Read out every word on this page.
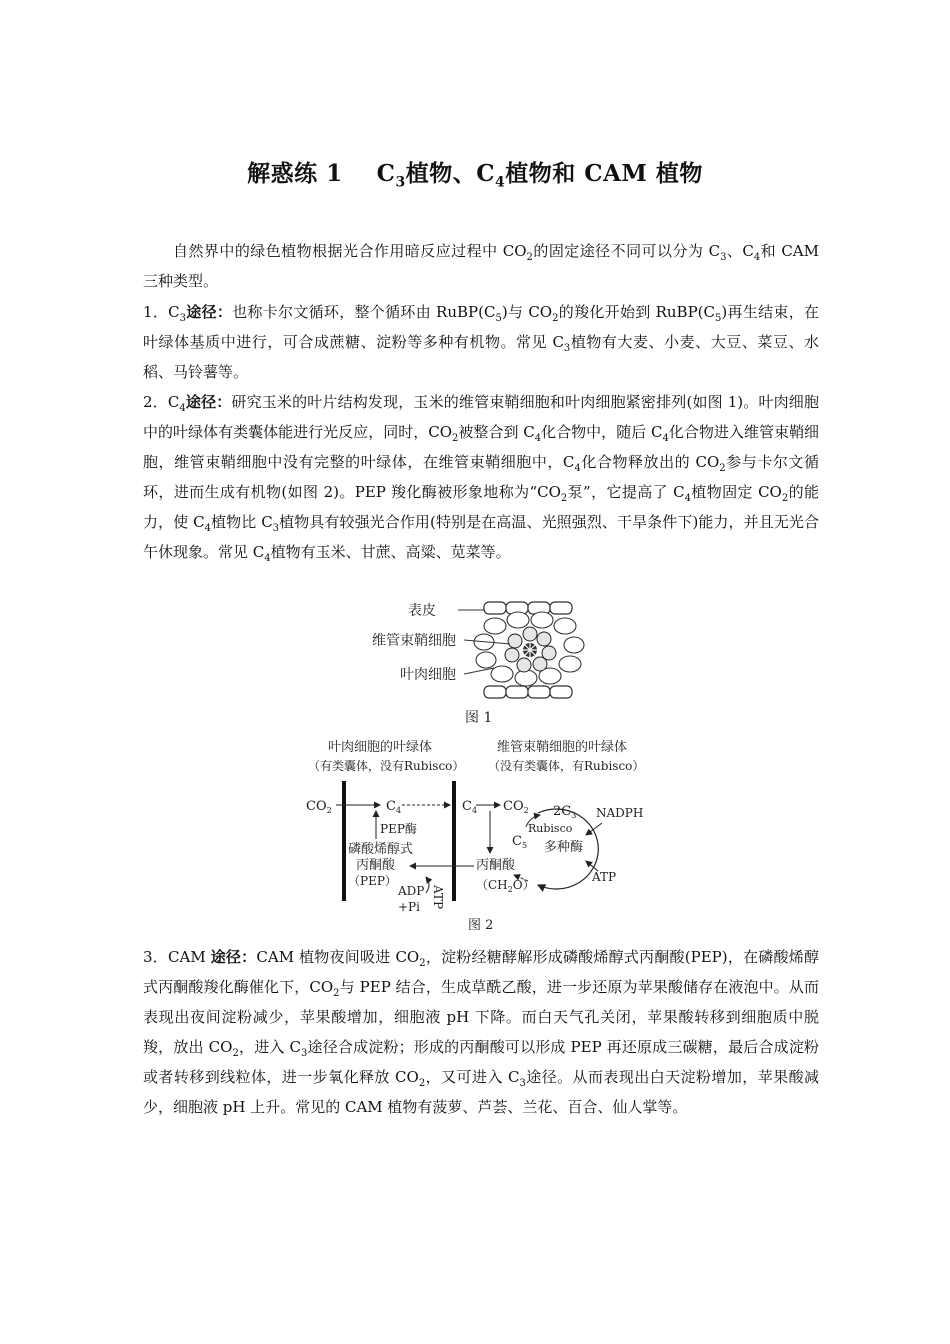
解惑练 1 $C_3$植物、$C_4$植物和 CAM 植物
自然界中的绿色植物根据光合作用暗反应过程中 $CO_2$的固定途径不同可以分为 $C_3$、$C_4$和 CAM 三种类型。
1．$C_3$途径：也称卡尔文循环，整个循环由 $RuBP(C_5)$与 $CO_2$的羧化开始到 $RuBP(C_5)$再生结束，在叶绿体基质中进行，可合成蔗糖、淀粉等多种有机物。常见 $C_3$植物有大麦、小麦、大豆、菜豆、水稻、马铃薯等。
2．$C_4$途径：研究玉米的叶片结构发现，玉米的维管束鞘细胞和叶肉细胞紧密排列(如图 1)。叶肉细胞中的叶绿体有类囊体能进行光反应，同时，$CO_2$被整合到 $C_4$化合物中，随后 $C_4$化合物进入维管束鞘细胞，维管束鞘细胞中没有完整的叶绿体，在维管束鞘细胞中，$C_4$化合物释放出的 $CO_2$参与卡尔文循环，进而生成有机物(如图 2)。PEP 羧化酶被形象地称为“$CO_2$泵”，它提高了 $C_4$植物固定 $CO_2$的能力，使 $C_4$植物比 $C_3$植物具有较强光合作用(特别是在高温、光照强烈、干旱条件下)能力，并且无光合午休现象。常见 $C_4$植物有玉米、甘蔗、高粱、苋菜等。
表皮
维管束鞘细胞
叶肉细胞
图 1
叶肉细胞的叶绿体
（有类囊体，没有Rubisco）
维管束鞘细胞的叶绿体
（没有类囊体，有Rubisco）
$CO_2$	$C_4$	$C_4$ $CO_2$
PEP酶
磷酸烯醇式
丙酮酸
（PEP）
ADP
+Pi ATP
丙酮酸
$(CH_2O)$
$2C_3$
Rubisco
$C_5$ 多种酶
NADPH
ATP
图 2
3．CAM 途径：CAM 植物夜间吸进 $CO_2$，淀粉经糖酵解形成磷酸烯醇式丙酮酸(PEP)，在磷酸烯醇式丙酮酸羧化酶催化下，$CO_2$与 PEP 结合，生成草酰乙酸，进一步还原为苹果酸储存在液泡中。从而表现出夜间淀粉减少，苹果酸增加，细胞液 pH 下降。而白天气孔关闭，苹果酸转移到细胞质中脱羧，放出 $CO_2$，进入 $C_3$途径合成淀粉；形成的丙酮酸可以形成 PEP 再还原成三碳糖，最后合成淀粉或者转移到线粒体，进一步氧化释放 $CO_2$，又可进入 $C_3$途径。从而表现出白天淀粉增加，苹果酸减少，细胞液 pH 上升。常见的 CAM 植物有菠萝、芦荟、兰花、百合、仙人掌等。
